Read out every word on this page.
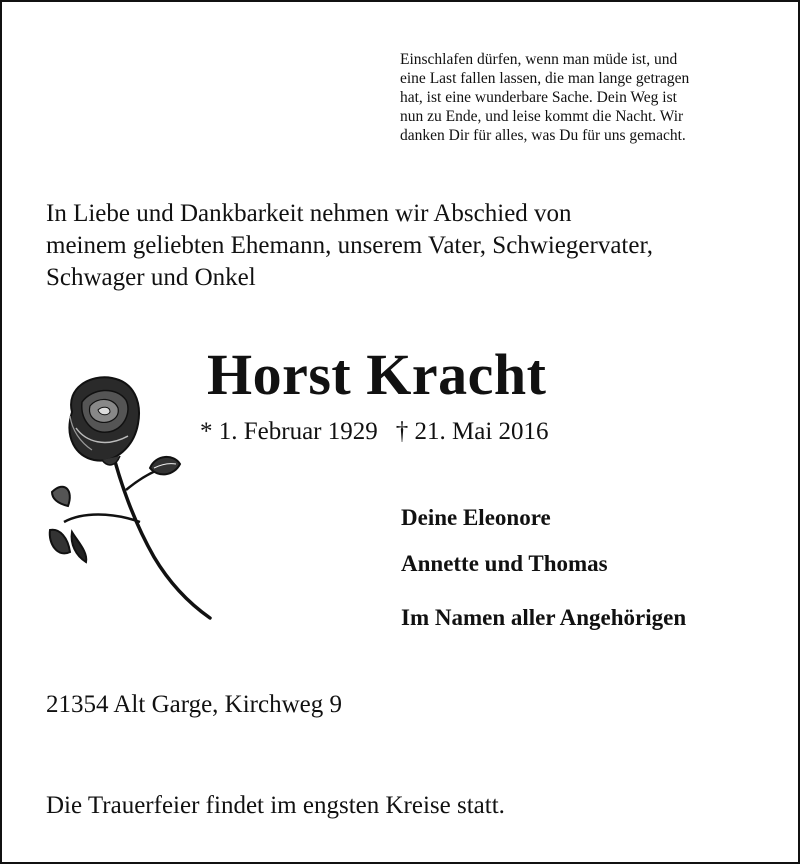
Einschlafen dürfen, wenn man müde ist, und
eine Last fallen lassen, die man lange getragen
hat, ist eine wunderbare Sache. Dein Weg ist
nun zu Ende, und leise kommt die Nacht. Wir
danken Dir für alles, was Du für uns gemacht.
In Liebe und Dankbarkeit nehmen wir Abschied von
meinem geliebten Ehemann, unserem Vater, Schwiegervater,
Schwager und Onkel
Horst Kracht
* 1. Februar 1929 † 21. Mai 2016
Deine Eleonore
Annette und Thomas
Im Namen aller Angehörigen
21354 Alt Garge, Kirchweg 9
Die Trauerfeier findet im engsten Kreise statt.
